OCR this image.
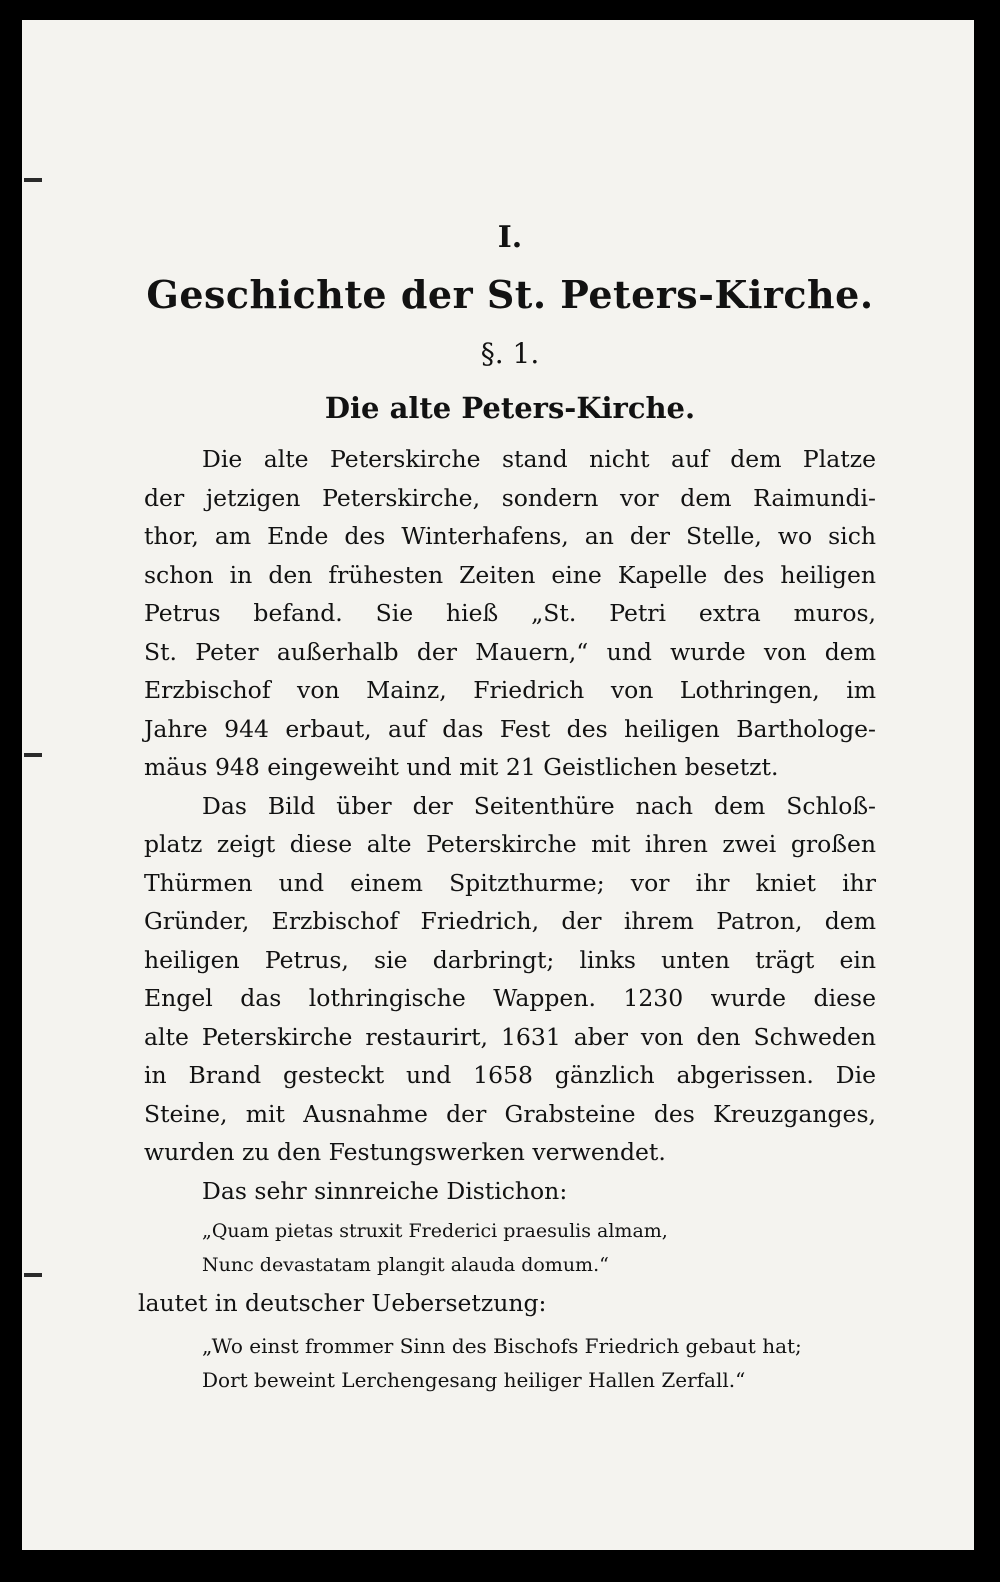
I.

Geschichte der St. Peters-Kirche.

§. 1.

Die alte Peters-Kirche.
Die alte Peterskirche stand nicht auf dem Platze
der jetzigen Peterskirche, sondern vor dem Raimundi-
thor, am Ende des Winterhafens, an der Stelle, wo sich
schon in den frühesten Zeiten eine Kapelle des heiligen
Petrus befand. Sie hieß „St. Petri extra muros,
St. Peter außerhalb der Mauern,“ und wurde von dem
Erzbischof von Mainz, Friedrich von Lothringen, im
Jahre 944 erbaut, auf das Fest des heiligen Barthologe-
mäus 948 eingeweiht und mit 21 Geistlichen besetzt.
Das Bild über der Seitenthüre nach dem Schloß-
platz zeigt diese alte Peterskirche mit ihren zwei großen
Thürmen und einem Spitzthurme; vor ihr kniet ihr
Gründer, Erzbischof Friedrich, der ihrem Patron, dem
heiligen Petrus, sie darbringt; links unten trägt ein
Engel das lothringische Wappen. 1230 wurde diese
alte Peterskirche restaurirt, 1631 aber von den Schweden
in Brand gesteckt und 1658 gänzlich abgerissen. Die
Steine, mit Ausnahme der Grabsteine des Kreuzganges,
wurden zu den Festungswerken verwendet.

Das sehr sinnreiche Distichon:

„Quam pietas struxit Frederici praesulis almam,
Nunc devastatam plangit alauda domum.“

lautet in deutscher Uebersetzung:

„Wo einst frommer Sinn des Bischofs Friedrich gebaut hat;
Dort beweint Lerchengesang heiliger Hallen Zerfall.“
